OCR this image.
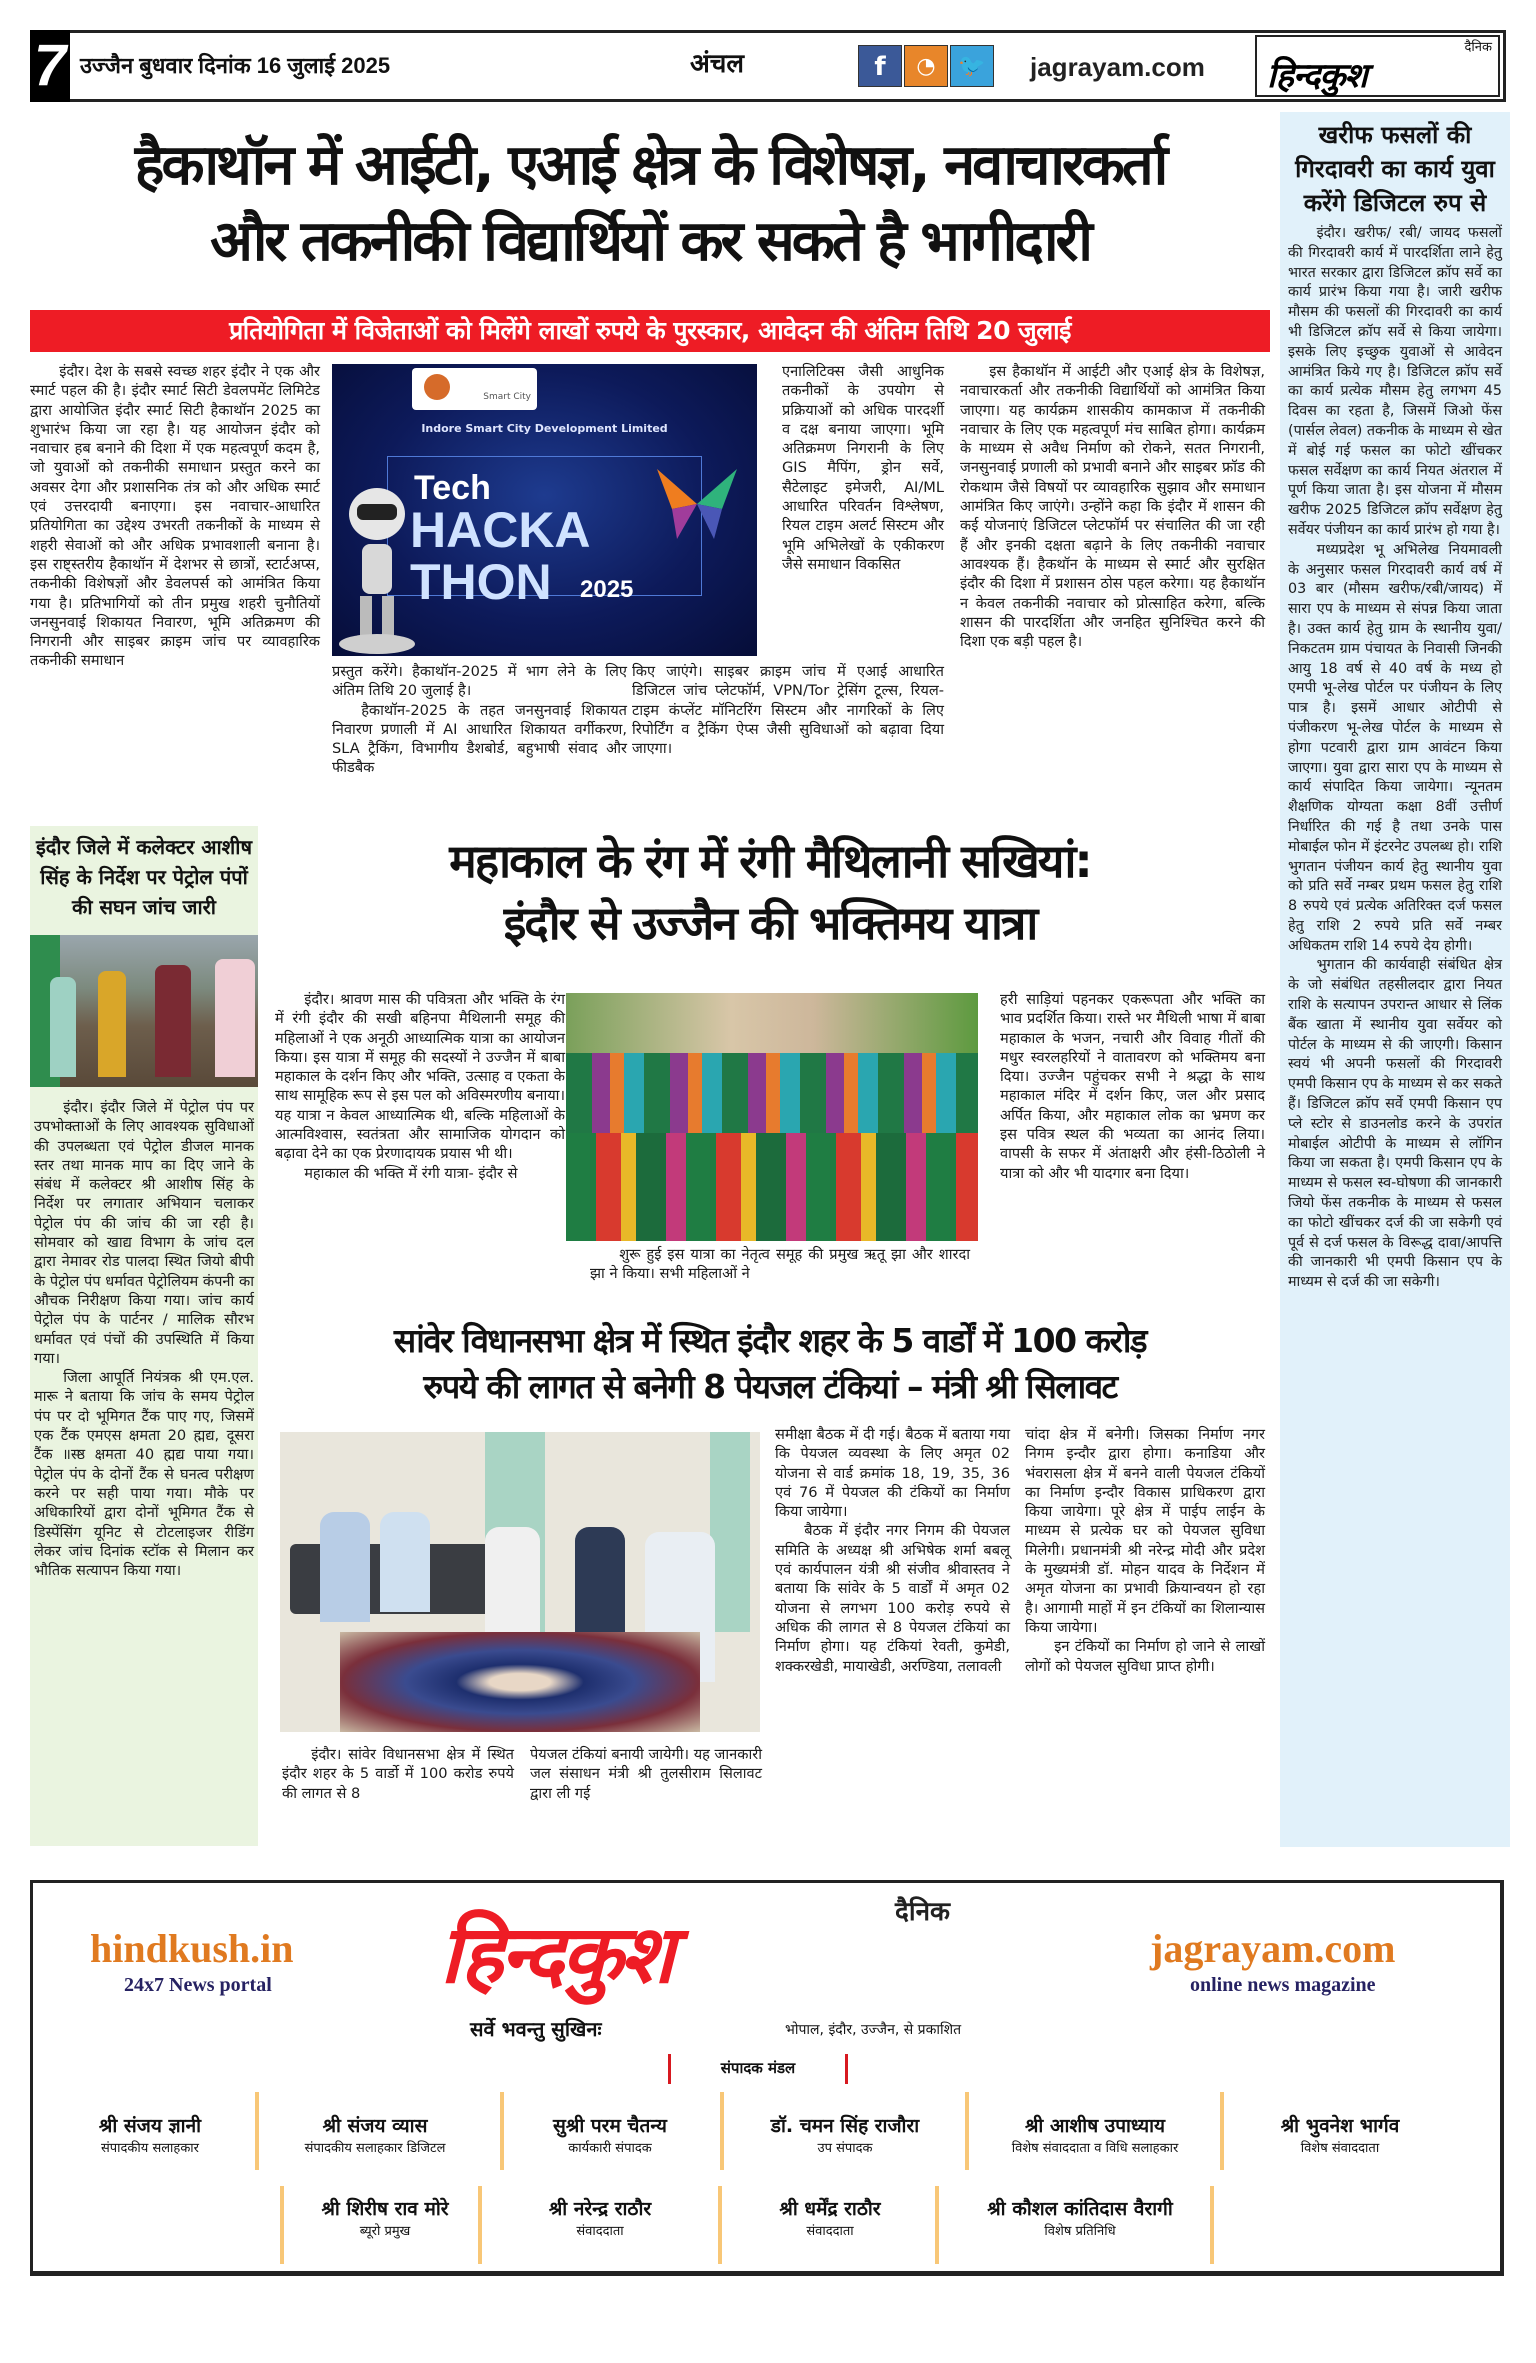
7 उज्जैन बुधवार दिनांक 16 जुलाई 2025	अंचल	f	◔	🐦	jagrayam.com
दैनिक
हिन्दकुश
हैकाथॉन में आईटी, एआई क्षेत्र के विशेषज्ञ, नवाचारकर्ता
और तकनीकी विद्यार्थियों कर सकते है भागीदारी
प्रतियोगिता में विजेताओं को मिलेंगे लाखों रुपये के पुरस्कार, आवेदन की अंतिम तिथि 20 जुलाई

इंदौर। देश के सबसे स्वच्छ शहर इंदौर ने एक और स्मार्ट पहल की है। इंदौर स्मार्ट सिटी डेवलपमेंट लिमिटेड द्वारा आयोजित इंदौर स्मार्ट सिटी हैकाथॉन 2025 का शुभारंभ किया जा रहा है। यह आयोजन इंदौर को नवाचार हब बनाने की दिशा में एक महत्वपूर्ण कदम है, जो युवाओं को तकनीकी समाधान प्रस्तुत करने का अवसर देगा और प्रशासनिक तंत्र को और अधिक स्मार्ट एवं उत्तरदायी बनाएगा। इस नवाचार-आधारित प्रतियोगिता का उद्देश्य उभरती तकनीकों के माध्यम से शहरी सेवाओं को और अधिक प्रभावशाली बनाना है। इस राष्ट्स्तरीय हैकाथॉन में देशभर से छात्रों, स्टार्टअप्स, तकनीकी विशेषज्ञों और डेवलपर्स को आमंत्रित किया गया है। प्रतिभागियों को तीन प्रमुख शहरी चुनौतियों जनसुनवाई शिकायत निवारण, भूमि अतिक्रमण की निगरानी और साइबर क्राइम जांच पर व्यावहारिक तकनीकी समाधान

Smart City
Indore Smart City Development Limited
Tech
HACKA
THON 2025

प्रस्तुत करेंगे। हैकाथॉन-2025 में भाग लेने के लिए अंतिम तिथि 20 जुलाई है।

हैकाथॉन-2025 के तहत जनसुनवाई शिकायत निवारण प्रणाली में AI आधारित शिकायत वर्गीकरण, SLA ट्रैकिंग, विभागीय डैशबोर्ड, बहुभाषी संवाद और फीडबैक

एनालिटिक्स जैसी आधुनिक तकनीकों के उपयोग से प्रक्रियाओं को अधिक पारदर्शी व दक्ष बनाया जाएगा। भूमि अतिक्रमण निगरानी के लिए GIS मैपिंग, ड्रोन सर्वे, सैटेलाइट इमेजरी, AI/ML आधारित परिवर्तन विश्लेषण, रियल टाइम अलर्ट सिस्टम और भूमि अभिलेखों के एकीकरण जैसे समाधान विकसित

किए जाएंगे। साइबर क्राइम जांच में एआई आधारित डिजिटल जांच प्लेटफॉर्म, VPN/Tor ट्रेसिंग टूल्स, रियल-टाइम कंप्लेंट मॉनिटरिंग सिस्टम और नागरिकों के लिए रिपोर्टिंग व ट्रैकिंग ऐप्स जैसी सुविधाओं को बढ़ावा दिया जाएगा।

इस हैकाथॉन में आईटी और एआई क्षेत्र के विशेषज्ञ, नवाचारकर्ता और तकनीकी विद्यार्थियों को आमंत्रित किया जाएगा। यह कार्यक्रम शासकीय कामकाज में तकनीकी नवाचार के लिए एक महत्वपूर्ण मंच साबित होगा। कार्यक्रम के माध्यम से अवैध निर्माण को रोकने, सतत निगरानी, जनसुनवाई प्रणाली को प्रभावी बनाने और साइबर फ्रॉड की रोकथाम जैसे विषयों पर व्यावहारिक सुझाव और समाधान आमंत्रित किए जाएंगे। उन्होंने कहा कि इंदौर में शासन की कई योजनाएं डिजिटल प्लेटफॉर्म पर संचालित की जा रही हैं और इनकी दक्षता बढ़ाने के लिए तकनीकी नवाचार आवश्यक हैं। हैकथॉन के माध्यम से स्मार्ट और सुरक्षित इंदौर की दिशा में प्रशासन ठोस पहल करेगा। यह हैकाथॉन न केवल तकनीकी नवाचार को प्रोत्साहित करेगा, बल्कि शासन की पारदर्शिता और जनहित सुनिश्चित करने की दिशा एक बड़ी पहल है।

खरीफ फसलों की गिरदावरी का कार्य युवा करेंगे डिजिटल रुप से

इंदौर। खरीफ/ रबी/ जायद फसलों की गिरदावरी कार्य में पारदर्शिता लाने हेतु भारत सरकार द्वारा डिजिटल क्रॉप सर्वे का कार्य प्रारंभ किया गया है। जारी खरीफ मौसम की फसलों की गिरदावरी का कार्य भी डिजिटल क्रॉप सर्वे से किया जायेगा। इसके लिए इच्छुक युवाओं से आवेदन आमंत्रित किये गए है। डिजिटल क्रॉप सर्वे का कार्य प्रत्येक मौसम हेतु लगभग 45 दिवस का रहता है, जिसमें जिओ फेंस (पार्सल लेवल) तकनीक के माध्यम से खेत में बोई गई फसल का फोटो खींचकर फसल सर्वेक्षण का कार्य नियत अंतराल में पूर्ण किया जाता है। इस योजना में मौसम खरीफ 2025 डिजिटल क्रॉप सर्वेक्षण हेतु सर्वेयर पंजीयन का कार्य प्रारंभ हो गया है।

मध्यप्रदेश भू अभिलेख नियमावली के अनुसार फसल गिरदावरी कार्य वर्ष में 03 बार (मौसम खरीफ/रबी/जायद) में सारा एप के माध्यम से संपन्न किया जाता है। उक्त कार्य हेतु ग्राम के स्थानीय युवा/निकटतम ग्राम पंचायत के निवासी जिनकी आयु 18 वर्ष से 40 वर्ष के मध्य हो एमपी भू-लेख पोर्टल पर पंजीयन के लिए पात्र है। इसमें आधार ओटीपी से पंजीकरण भू-लेख पोर्टल के माध्यम से होगा पटवारी द्वारा ग्राम आवंटन किया जाएगा। युवा द्वारा सारा एप के माध्यम से कार्य संपादित किया जायेगा। न्यूनतम शैक्षणिक योग्यता कक्षा 8वीं उत्तीर्ण निर्धारित की गई है तथा उनके पास मोबाईल फोन में इंटरनेट उपलब्ध हो। राशि भुगतान पंजीयन कार्य हेतु स्थानीय युवा को प्रति सर्वे नम्बर प्रथम फसल हेतु राशि 8 रुपये एवं प्रत्येक अतिरिक्त दर्ज फसल हेतु राशि 2 रुपये प्रति सर्वे नम्बर अधिकतम राशि 14 रुपये देय होगी।

भुगतान की कार्यवाही संबंधित क्षेत्र के जो संबंधित तहसीलदार द्वारा नियत राशि के सत्यापन उपरान्त आधार से लिंक बैंक खाता में स्थानीय युवा सर्वेयर को पोर्टल के माध्यम से की जाएगी। किसान स्वयं भी अपनी फसलों की गिरदावरी एमपी किसान एप के माध्यम से कर सकते हैं। डिजिटल क्रॉप सर्वे एमपी किसान एप प्ले स्टोर से डाउनलोड करने के उपरांत मोबाईल ओटीपी के माध्यम से लॉगिन किया जा सकता है। एमपी किसान एप के माध्यम से फसल स्व-घोषणा की जानकारी जियो फेंस तकनीक के माध्यम से फसल का फोटो खींचकर दर्ज की जा सकेगी एवं पूर्व से दर्ज फसल के विरूद्ध दावा/आपत्ति की जानकारी भी एमपी किसान एप के माध्यम से दर्ज की जा सकेगी।

इंदौर जिले में कलेक्टर आशीष सिंह के निर्देश पर पेट्रोल पंपों की सघन जांच जारी

इंदौर। इंदौर जिले में पेट्रोल पंप पर उपभोक्ताओं के लिए आवश्यक सुविधाओं की उपलब्धता एवं पेट्रोल डीजल मानक स्तर तथा मानक माप का दिए जाने के संबंध में कलेक्टर श्री आशीष सिंह के निर्देश पर लगातार अभियान चलाकर पेट्रोल पंप की जांच की जा रही है। सोमवार को खाद्य विभाग के जांच दल द्वारा नेमावर रोड पालदा स्थित जियो बीपी के पेट्रोल पंप धर्मावत पेट्रोलियम कंपनी का औचक निरीक्षण किया गया। जांच कार्य पेट्रोल पंप के पार्टनर / मालिक सौरभ धर्मावत एवं पंचों की उपस्थिति में किया गया।

जिला आपूर्ति नियंत्रक श्री एम.एल. मारू ने बताया कि जांच के समय पेट्रोल पंप पर दो भूमिगत टैंक पाए गए, जिसमें एक टैंक एमएस क्षमता 20 ह्मद्य, दूसरा टैंक ॥स्ष्ठ क्षमता 40 ह्मद्य पाया गया। पेट्रोल पंप के दोनों टैंक से घनत्व परीक्षण करने पर सही पाया गया। मौके पर अधिकारियों द्वारा दोनों भूमिगत टैंक से डिस्पेंसिंग यूनिट से टोटलाइजर रीडिंग लेकर जांच दिनांक स्टॉक से मिलान कर भौतिक सत्यापन किया गया।

महाकाल के रंग में रंगी मैथिलानी सखियां:
इंदौर से उज्जैन की भक्तिमय यात्रा

इंदौर। श्रावण मास की पवित्रता और भक्ति के रंग में रंगी इंदौर की सखी बहिनपा मैथिलानी समूह की महिलाओं ने एक अनूठी आध्यात्मिक यात्रा का आयोजन किया। इस यात्रा में समूह की सदस्यों ने उज्जैन में बाबा महाकाल के दर्शन किए और भक्ति, उत्साह व एकता के साथ सामूहिक रूप से इस पल को अविस्मरणीय बनाया। यह यात्रा न केवल आध्यात्मिक थी, बल्कि महिलाओं के आत्मविश्वास, स्वतंत्रता और सामाजिक योगदान को बढ़ावा देने का एक प्रेरणादायक प्रयास भी थी।

महाकाल की भक्ति में रंगी यात्रा- इंदौर से

शुरू हुई इस यात्रा का नेतृत्व समूह की प्रमुख ऋतू झा और शारदा झा ने किया। सभी महिलाओं ने

हरी साड़ियां पहनकर एकरूपता और भक्ति का भाव प्रदर्शित किया। रास्ते भर मैथिली भाषा में बाबा महाकाल के भजन, नचारी और विवाह गीतों की मधुर स्वरलहरियों ने वातावरण को भक्तिमय बना दिया। उज्जैन पहुंचकर सभी ने श्रद्धा के साथ महाकाल मंदिर में दर्शन किए, जल और प्रसाद अर्पित किया, और महाकाल लोक का भ्रमण कर इस पवित्र स्थल की भव्यता का आनंद लिया। वापसी के सफर में अंताक्षरी और हंसी-ठिठोली ने यात्रा को और भी यादगार बना दिया।

सांवेर विधानसभा क्षेत्र में स्थित इंदौर शहर के 5 वार्डों में 100 करोड़
रुपये की लागत से बनेगी 8 पेयजल टंकियां – मंत्री श्री सिलावट

इंदौर। सांवेर विधानसभा क्षेत्र में स्थित इंदौर शहर के 5 वार्डो में 100 करोड रुपये की लागत से 8

पेयजल टंकियां बनायी जायेगी। यह जानकारी जल संसाधन मंत्री श्री तुलसीराम सिलावट द्वारा ली गई

समीक्षा बैठक में दी गई। बैठक में बताया गया कि पेयजल व्यवस्था के लिए अमृत 02 योजना से वार्ड क्रमांक 18, 19, 35, 36 एवं 76 में पेयजल की टंकियों का निर्माण किया जायेगा।

बैठक में इंदौर नगर निगम की पेयजल समिति के अध्यक्ष श्री अभिषेक शर्मा बबलू एवं कार्यपालन यंत्री श्री संजीव श्रीवास्तव ने बताया कि सांवेर के 5 वार्डों में अमृत 02 योजना से लगभग 100 करोड़ रुपये से अधिक की लागत से 8 पेयजल टंकियां का निर्माण होगा। यह टंकियां रेवती, कुमेडी, शक्करखेडी, मायाखेडी, अरण्डिया, तलावली

चांदा क्षेत्र में बनेगी। जिसका निर्माण नगर निगम इन्दौर द्वारा होगा। कनाडिया और भंवरासला क्षेत्र में बनने वाली पेयजल टंकियों का निर्माण इन्दौर विकास प्राधिकरण द्वारा किया जायेगा। पूरे क्षेत्र में पाईप लाईन के माध्यम से प्रत्येक घर को पेयजल सुविधा मिलेगी। प्रधानमंत्री श्री नरेन्द्र मोदी और प्रदेश के मुख्यमंत्री डॉ. मोहन यादव के निर्देशन में अमृत योजना का प्रभावी क्रियान्वयन हो रहा है। आगामी माहों में इन टंकियों का शिलान्यास किया जायेगा।

इन टंकियों का निर्माण हो जाने से लाखों लोगों को पेयजल सुविधा प्राप्त होगी।

hindkush.in
24x7 News portal
jagrayam.com
online news magazine
दैनिक
हिन्दकुश
सर्वे भवन्तु सुखिनः	भोपाल, इंदौर, उज्जैन, से प्रकाशित
संपादक मंडल
श्री संजय ज्ञानी
संपादकीय सलाहकार
श्री संजय व्यास
संपादकीय सलाहकार डिजिटल
सुश्री परम चैतन्य
कार्यकारी संपादक
डॉ. चमन सिंह राजौरा
उप संपादक
श्री आशीष उपाध्याय
विशेष संवाददाता व विधि सलाहकार
श्री भुवनेश भार्गव
विशेष संवाददाता
श्री शिरीष राव मोरे
ब्यूरो प्रमुख
श्री नरेन्द्र राठौर
संवाददाता
श्री धर्मेंद्र राठौर
संवाददाता
श्री कौशल कांतिदास वैरागी
विशेष प्रतिनिधि
